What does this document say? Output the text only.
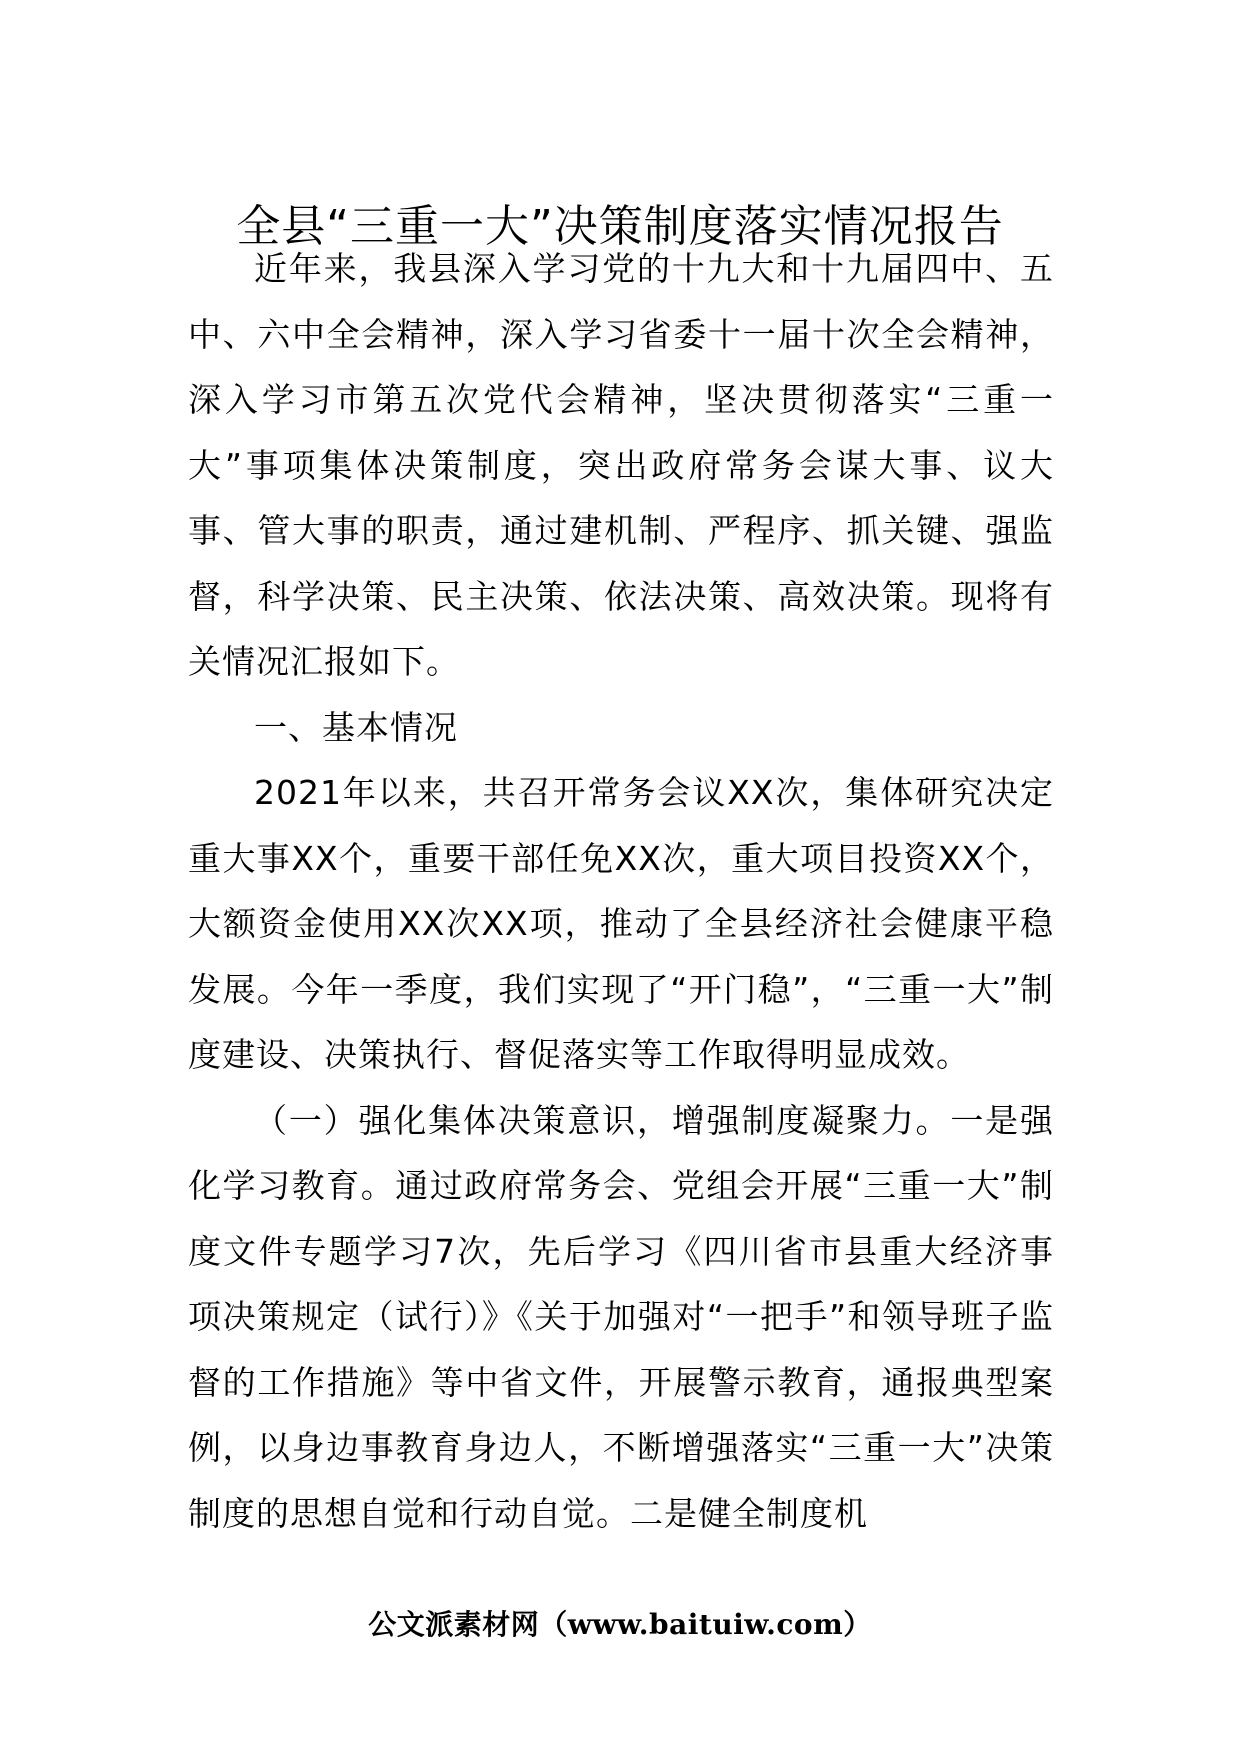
全县“三重一大”决策制度落实情况报告

近年来，我县深入学习党的十九大和十九届四中、五中、六中全会精神，深入学习省委十一届十次全会精神，深入学习市第五次党代会精神，坚决贯彻落实“三重一大”事项集体决策制度，突出政府常务会谋大事、议大事、管大事的职责，通过建机制、严程序、抓关键、强监督，科学决策、民主决策、依法决策、高效决策。现将有关情况汇报如下。

一、基本情况

2021年以来，共召开常务会议XX次，集体研究决定重大事XX个，重要干部任免XX次，重大项目投资XX个，大额资金使用XX次XX项，推动了全县经济社会健康平稳发展。今年一季度，我们实现了“开门稳”，“三重一大”制度建设、决策执行、督促落实等工作取得明显成效。

（一）强化集体决策意识，增强制度凝聚力。一是强化学习教育。通过政府常务会、党组会开展“三重一大”制度文件专题学习7次，先后学习《四川省市县重大经济事项决策规定（试行）》《关于加强对“一把手”和领导班子监督的工作措施》等中省文件，开展警示教育，通报典型案例，以身边事教育身边人，不断增强落实“三重一大”决策制度的思想自觉和行动自觉。二是健全制度机

公文派素材网（www.baituiw.com）
